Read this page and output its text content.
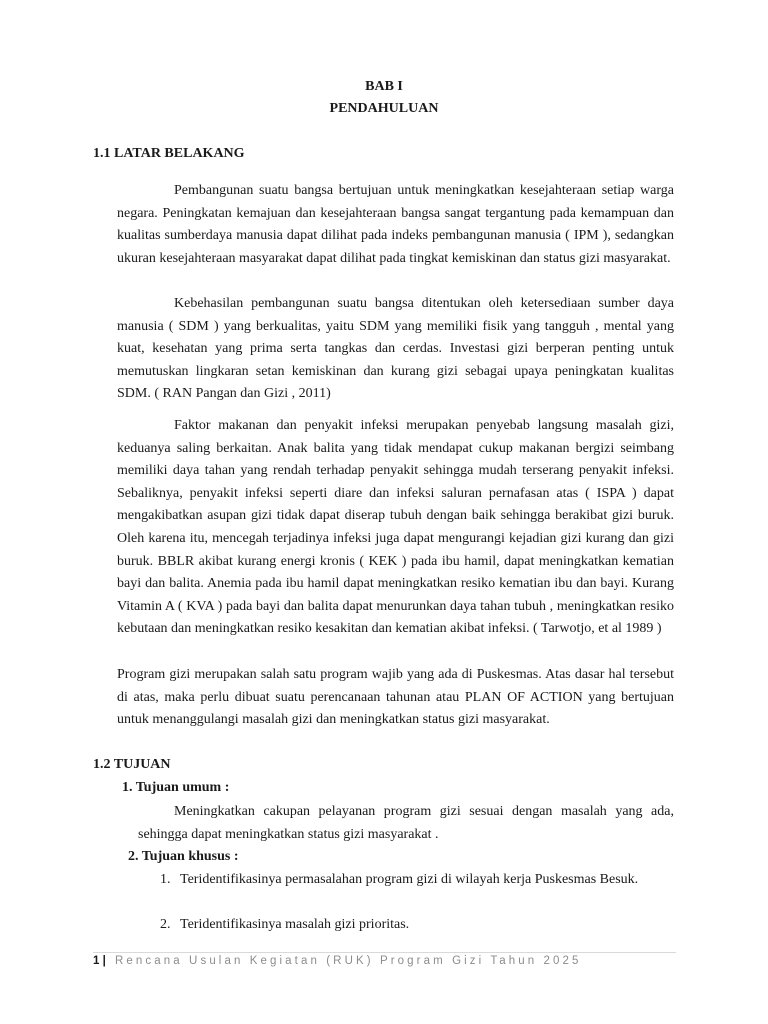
BAB I
PENDAHULUAN
1.1 LATAR BELAKANG

Pembangunan suatu bangsa bertujuan untuk meningkatkan kesejahteraan setiap warga negara. Peningkatan kemajuan dan kesejahteraan bangsa sangat tergantung pada kemampuan dan kualitas sumberdaya manusia dapat dilihat pada indeks pembangunan manusia ( IPM ), sedangkan ukuran kesejahteraan masyarakat dapat dilihat pada tingkat kemiskinan dan status gizi masyarakat.

Kebehasilan pembangunan suatu bangsa ditentukan oleh ketersediaan sumber daya manusia ( SDM ) yang berkualitas, yaitu SDM yang memiliki fisik yang tangguh , mental yang kuat, kesehatan yang prima serta tangkas dan cerdas. Investasi gizi berperan penting untuk memutuskan lingkaran setan kemiskinan dan kurang gizi sebagai upaya peningkatan kualitas SDM. ( RAN Pangan dan Gizi , 2011)

Faktor makanan dan penyakit infeksi merupakan penyebab langsung masalah gizi, keduanya saling berkaitan. Anak balita yang tidak mendapat cukup makanan bergizi seimbang memiliki daya tahan yang rendah terhadap penyakit sehingga mudah terserang penyakit infeksi. Sebaliknya, penyakit infeksi seperti diare dan infeksi saluran pernafasan atas ( ISPA ) dapat mengakibatkan asupan gizi tidak dapat diserap tubuh dengan baik sehingga berakibat gizi buruk. Oleh karena itu, mencegah terjadinya infeksi juga dapat mengurangi kejadian gizi kurang dan gizi buruk. BBLR akibat kurang energi kronis ( KEK ) pada ibu hamil, dapat meningkatkan kematian bayi dan balita. Anemia pada ibu hamil dapat meningkatkan resiko kematian ibu dan bayi. Kurang Vitamin A ( KVA ) pada bayi dan balita dapat menurunkan daya tahan tubuh , meningkatkan resiko kebutaan dan meningkatkan resiko kesakitan dan kematian akibat infeksi. ( Tarwotjo, et al 1989 )

Program gizi merupakan salah satu program wajib yang ada di Puskesmas. Atas dasar hal tersebut di atas, maka perlu dibuat suatu perencanaan tahunan atau PLAN OF ACTION yang bertujuan untuk menanggulangi masalah gizi dan meningkatkan status gizi masyarakat.

1.2 TUJUAN
1. Tujuan umum :

Meningkatkan cakupan pelayanan program gizi sesuai dengan masalah yang ada, sehingga dapat meningkatkan status gizi masyarakat .

2. Tujuan khusus :
1. Teridentifikasinya permasalahan program gizi di wilayah kerja Puskesmas Besuk.
2. Teridentifikasinya masalah gizi prioritas.
1 | Rencana Usulan Kegiatan (RUK) Program Gizi Tahun 2025
